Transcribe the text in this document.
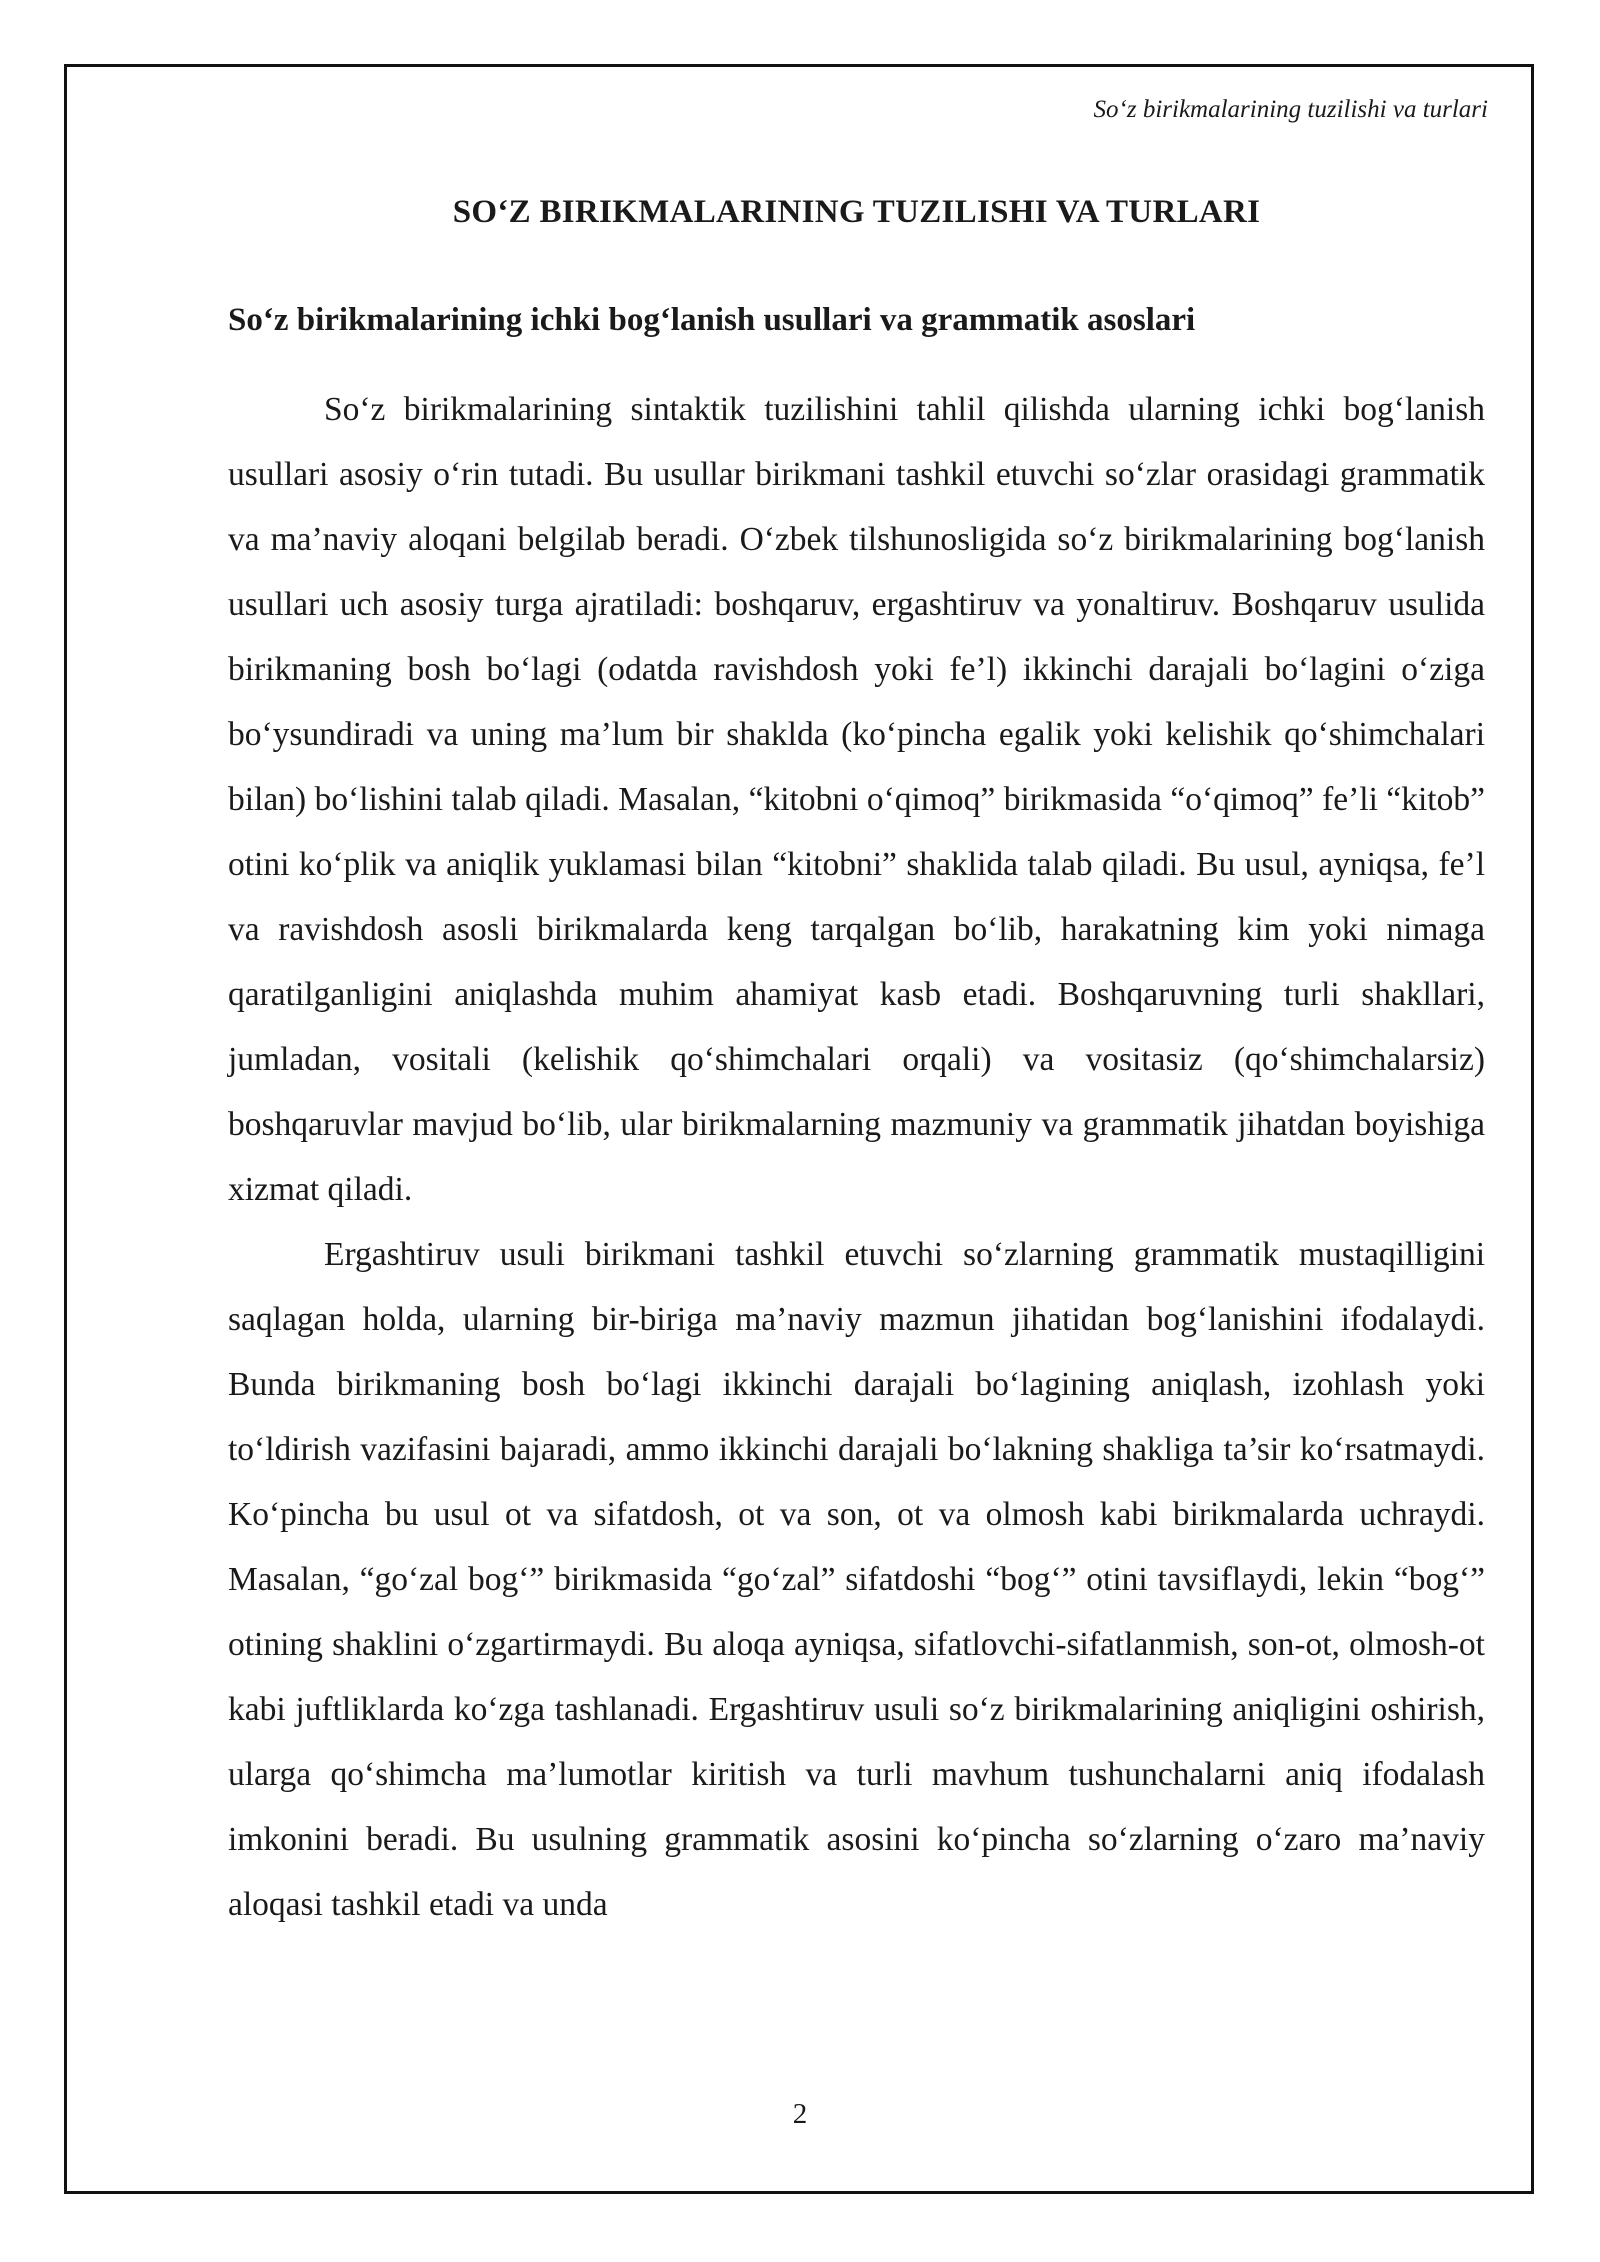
So‘z birikmalarining tuzilishi va turlari
SO‘Z BIRIKMALARINING TUZILISHI VA TURLARI
So‘z birikmalarining ichki bog‘lanish usullari va grammatik asoslari

So‘z birikmalarining sintaktik tuzilishini tahlil qilishda ularning ichki bog‘lanish usullari asosiy o‘rin tutadi. Bu usullar birikmani tashkil etuvchi so‘zlar orasidagi grammatik va ma’naviy aloqani belgilab beradi. O‘zbek tilshunosligida so‘z birikmalarining bog‘lanish usullari uch asosiy turga ajratiladi: boshqaruv, ergashtiruv va yonaltiruv. Boshqaruv usulida birikmaning bosh bo‘lagi (odatda ravishdosh yoki fe’l) ikkinchi darajali bo‘lagini o‘ziga bo‘ysundiradi va uning ma’lum bir shaklda (ko‘pincha egalik yoki kelishik qo‘shimchalari bilan) bo‘lishini talab qiladi. Masalan, “kitobni o‘qimoq” birikmasida “o‘qimoq” fe’li “kitob” otini ko‘plik va aniqlik yuklamasi bilan “kitobni” shaklida talab qiladi. Bu usul, ayniqsa, fe’l va ravishdosh asosli birikmalarda keng tarqalgan bo‘lib, harakatning kim yoki nimaga qaratilganligini aniqlashda muhim ahamiyat kasb etadi. Boshqaruvning turli shakllari, jumladan, vositali (kelishik qo‘shimchalari orqali) va vositasiz (qo‘shimchalarsiz) boshqaruvlar mavjud bo‘lib, ular birikmalarning mazmuniy va grammatik jihatdan boyishiga xizmat qiladi.

Ergashtiruv usuli birikmani tashkil etuvchi so‘zlarning grammatik mustaqilligini saqlagan holda, ularning bir-biriga ma’naviy mazmun jihatidan bog‘lanishini ifodalaydi. Bunda birikmaning bosh bo‘lagi ikkinchi darajali bo‘lagining aniqlash, izohlash yoki to‘ldirish vazifasini bajaradi, ammo ikkinchi darajali bo‘lakning shakliga ta’sir ko‘rsatmaydi. Ko‘pincha bu usul ot va sifatdosh, ot va son, ot va olmosh kabi birikmalarda uchraydi. Masalan, “go‘zal bog‘” birikmasida “go‘zal” sifatdoshi “bog‘” otini tavsiflaydi, lekin “bog‘” otining shaklini o‘zgartirmaydi. Bu aloqa ayniqsa, sifatlovchi-sifatlanmish, son-ot, olmosh-ot kabi juftliklarda ko‘zga tashlanadi. Ergashtiruv usuli so‘z birikmalarining aniqligini oshirish, ularga qo‘shimcha ma’lumotlar kiritish va turli mavhum tushunchalarni aniq ifodalash imkonini beradi. Bu usulning grammatik asosini ko‘pincha so‘zlarning o‘zaro ma’naviy aloqasi tashkil etadi va unda

2
